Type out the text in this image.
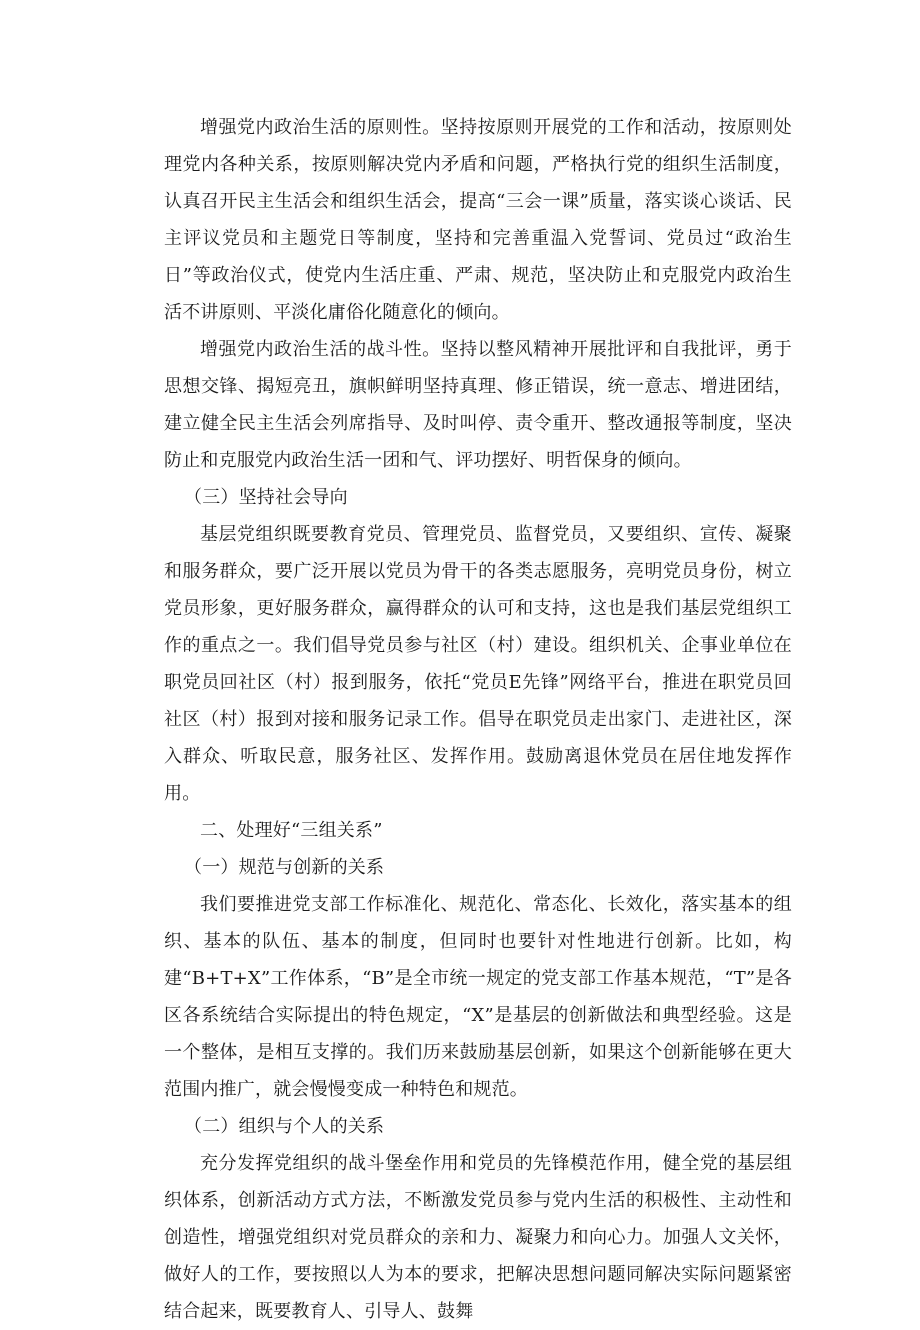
增强党内政治生活的原则性。坚持按原则开展党的工作和活动，按原则处理党内各种关系，按原则解决党内矛盾和问题，严格执行党的组织生活制度，认真召开民主生活会和组织生活会，提高“三会一课”质量，落实谈心谈话、民主评议党员和主题党日等制度，坚持和完善重温入党誓词、党员过“政治生日”等政治仪式，使党内生活庄重、严肃、规范，坚决防止和克服党内政治生活不讲原则、平淡化庸俗化随意化的倾向。

增强党内政治生活的战斗性。坚持以整风精神开展批评和自我批评，勇于思想交锋、揭短亮丑，旗帜鲜明坚持真理、修正错误，统一意志、增进团结，建立健全民主生活会列席指导、及时叫停、责令重开、整改通报等制度，坚决防止和克服党内政治生活一团和气、评功摆好、明哲保身的倾向。

（三）坚持社会导向

基层党组织既要教育党员、管理党员、监督党员，又要组织、宣传、凝聚和服务群众，要广泛开展以党员为骨干的各类志愿服务，亮明党员身份，树立党员形象，更好服务群众，赢得群众的认可和支持，这也是我们基层党组织工作的重点之一。我们倡导党员参与社区（村）建设。组织机关、企事业单位在职党员回社区（村）报到服务，依托“党员E先锋”网络平台，推进在职党员回社区（村）报到对接和服务记录工作。倡导在职党员走出家门、走进社区，深入群众、听取民意，服务社区、发挥作用。鼓励离退休党员在居住地发挥作用。

二、处理好“三组关系”

（一）规范与创新的关系

我们要推进党支部工作标准化、规范化、常态化、长效化，落实基本的组织、基本的队伍、基本的制度，但同时也要针对性地进行创新。比如，构建“B+T+X”工作体系，“B”是全市统一规定的党支部工作基本规范，“T”是各区各系统结合实际提出的特色规定，“X”是基层的创新做法和典型经验。这是一个整体，是相互支撑的。我们历来鼓励基层创新，如果这个创新能够在更大范围内推广，就会慢慢变成一种特色和规范。

（二）组织与个人的关系

充分发挥党组织的战斗堡垒作用和党员的先锋模范作用，健全党的基层组织体系，创新活动方式方法，不断激发党员参与党内生活的积极性、主动性和创造性，增强党组织对党员群众的亲和力、凝聚力和向心力。加强人文关怀，做好人的工作，要按照以人为本的要求，把解决思想问题同解决实际问题紧密结合起来，既要教育人、引导人、鼓舞
